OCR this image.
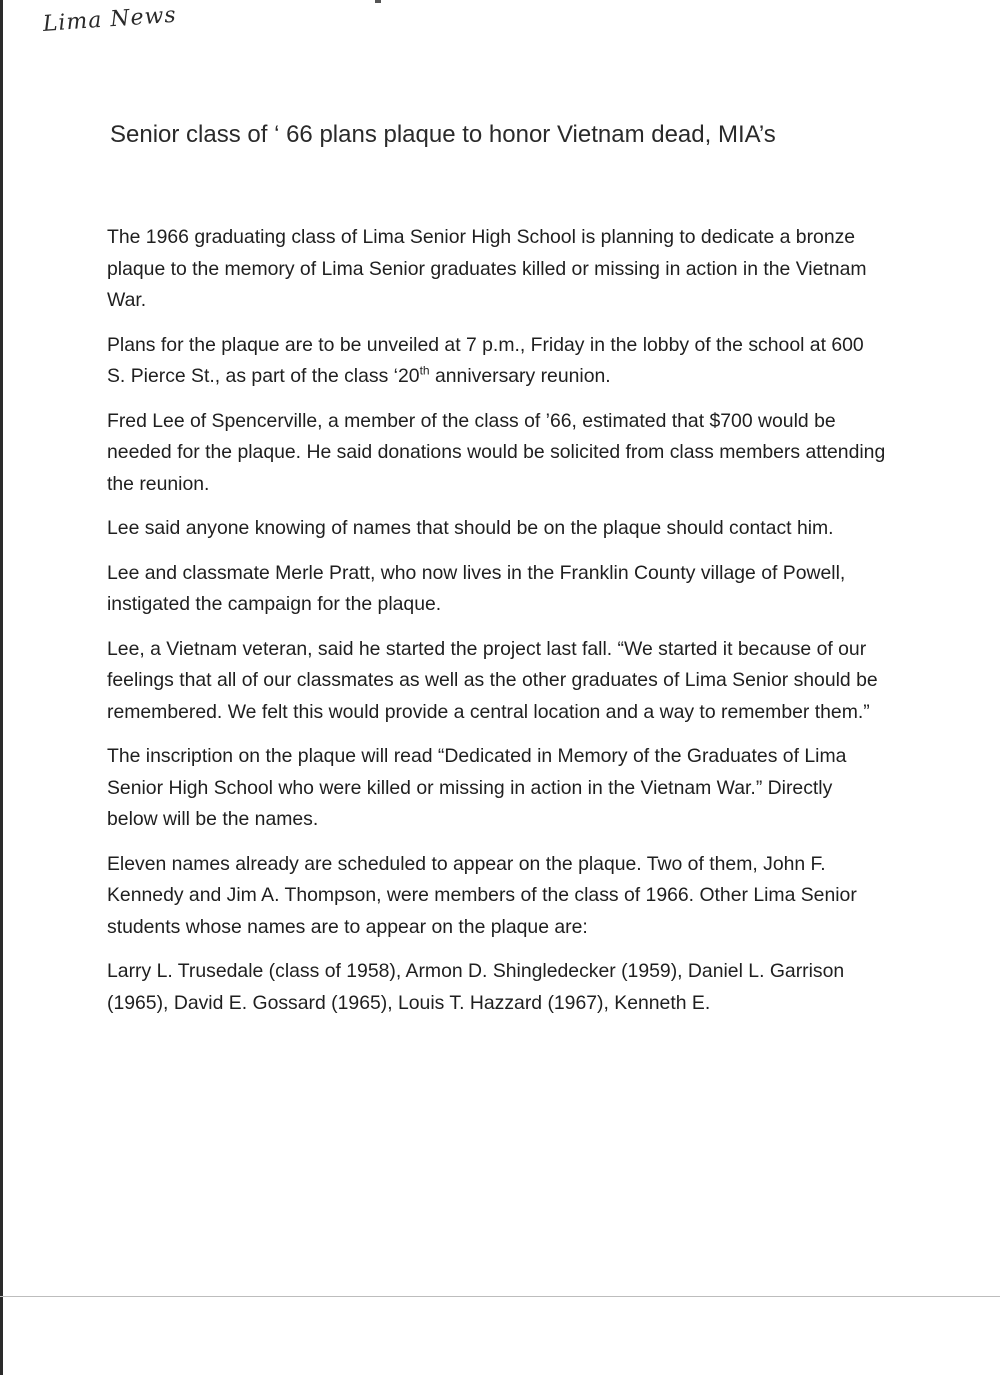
Lima News
Senior class of ‘ 66 plans plaque to honor Vietnam dead, MIA’s

The 1966 graduating class of Lima Senior High School is planning to dedicate a bronze plaque to the memory of Lima Senior graduates killed or missing in action in the Vietnam War.

Plans for the plaque are to be unveiled at 7 p.m., Friday in the lobby of the school at 600 S. Pierce St., as part of the class ‘20th anniversary reunion.

Fred Lee of Spencerville, a member of the class of ’66, estimated that $700 would be needed for the plaque. He said donations would be solicited from class members attending the reunion.

Lee said anyone knowing of names that should be on the plaque should contact him.

Lee and classmate Merle Pratt, who now lives in the Franklin County village of Powell, instigated the campaign for the plaque.

Lee, a Vietnam veteran, said he started the project last fall. “We started it because of our feelings that all of our classmates as well as the other graduates of Lima Senior should be remembered. We felt this would provide a central location and a way to remember them.”

The inscription on the plaque will read “Dedicated in Memory of the Graduates of Lima Senior High School who were killed or missing in action in the Vietnam War.” Directly below will be the names.

Eleven names already are scheduled to appear on the plaque. Two of them, John F. Kennedy and Jim A. Thompson, were members of the class of 1966. Other Lima Senior students whose names are to appear on the plaque are:

Larry L. Trusedale (class of 1958), Armon D. Shingledecker (1959), Daniel L. Garrison (1965), David E. Gossard (1965), Louis T. Hazzard (1967), Kenneth E.
